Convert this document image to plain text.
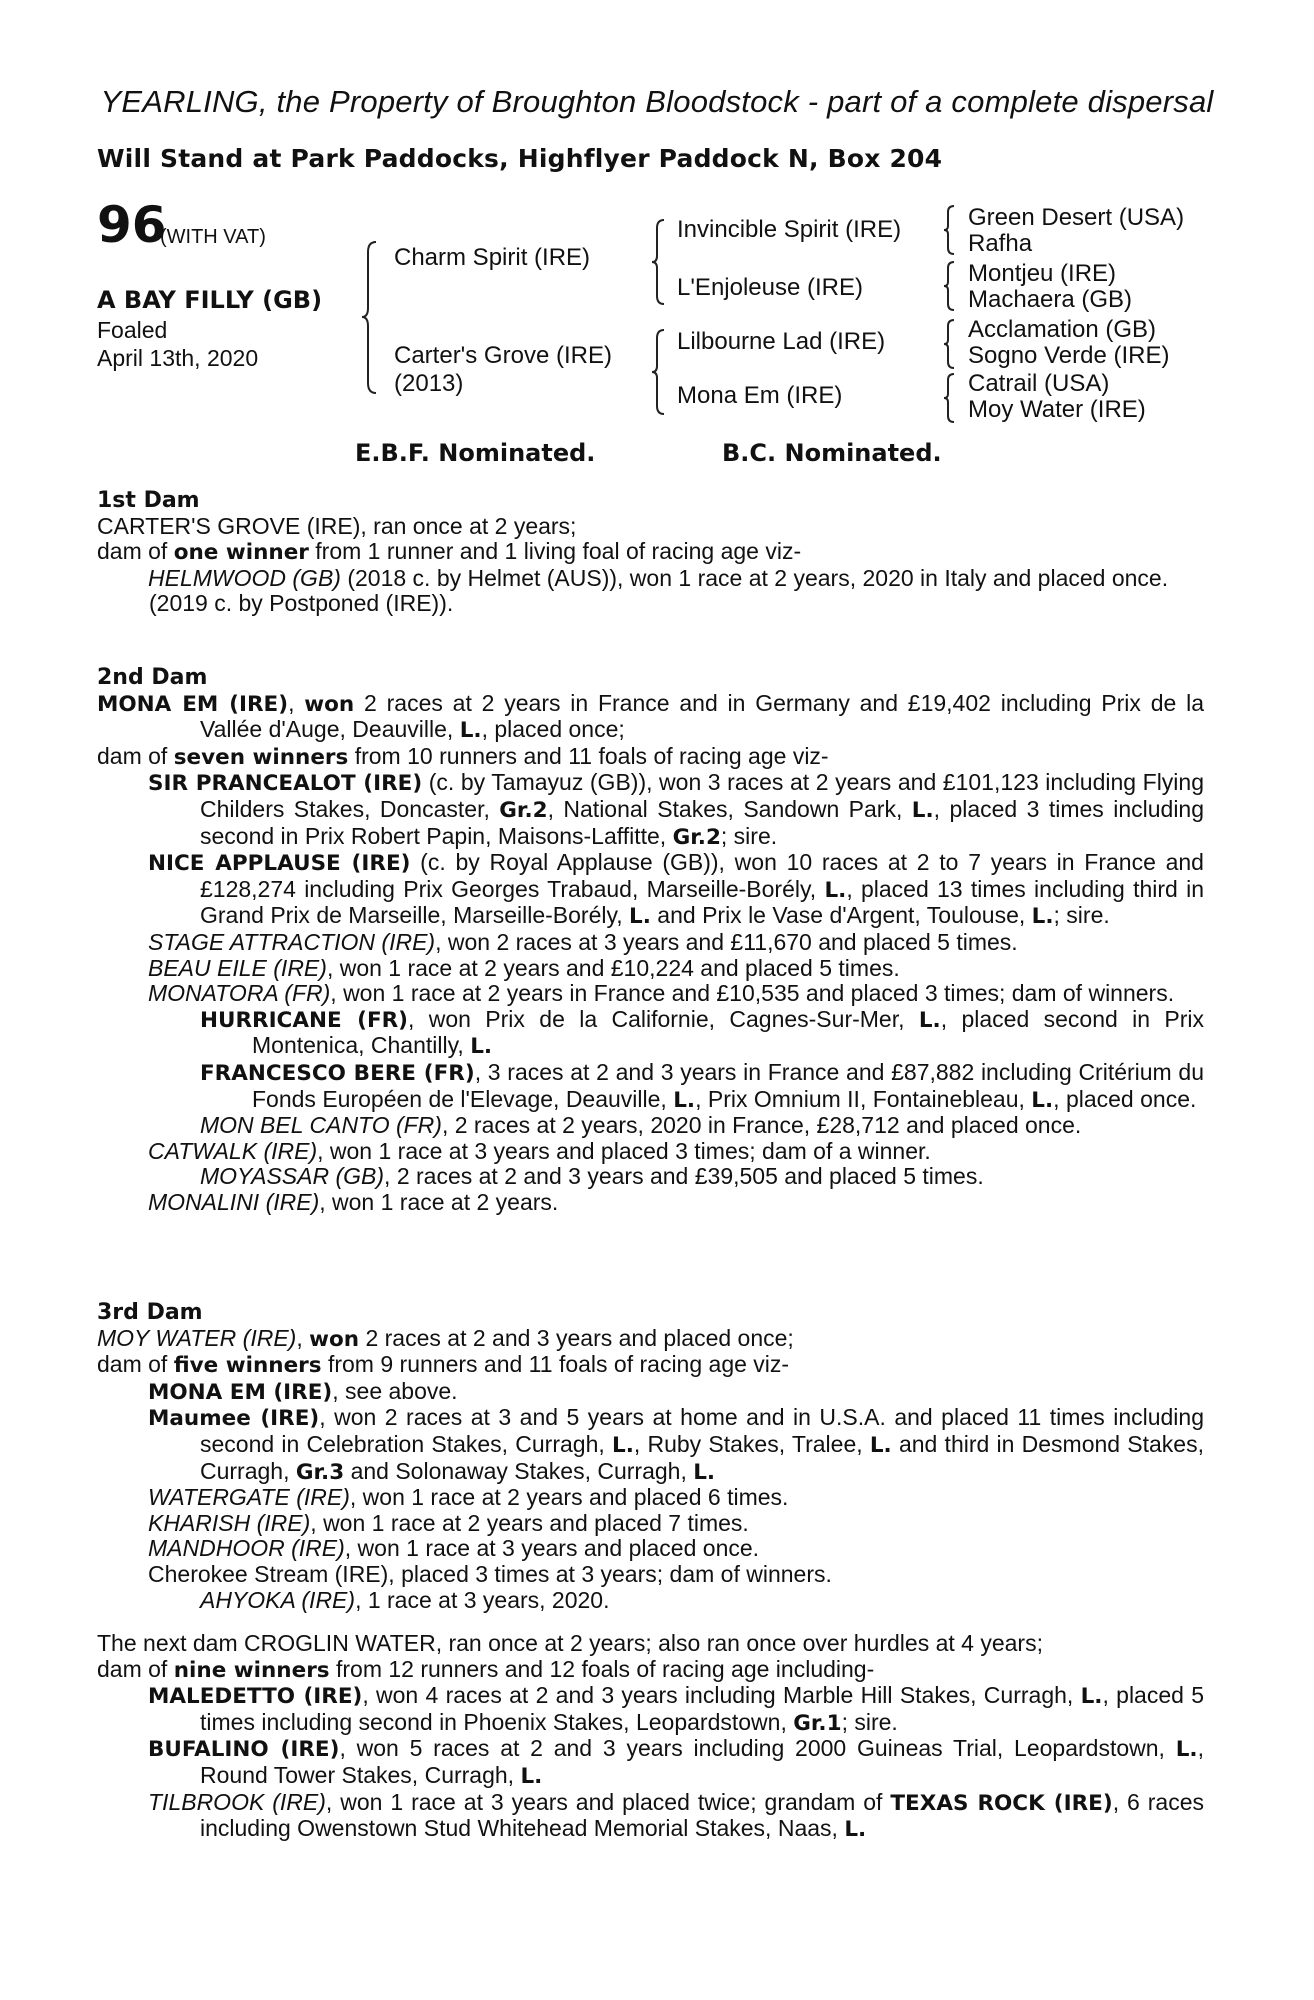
YEARLING, the Property of Broughton Bloodstock - part of a complete dispersal
Will Stand at Park Paddocks, Highflyer Paddock N, Box 204
96
(WITH VAT)
A BAY FILLY (GB)
Foaled
April 13th, 2020
Charm Spirit (IRE)
Carter's Grove (IRE)
(2013)
Invincible Spirit (IRE)
L'Enjoleuse (IRE)
Lilbourne Lad (IRE)
Mona Em (IRE)
Green Desert (USA)
Rafha
Montjeu (IRE)
Machaera (GB)
Acclamation (GB)
Sogno Verde (IRE)
Catrail (USA)
Moy Water (IRE)
E.B.F. Nominated.	B.C. Nominated.
1st Dam
CARTER'S GROVE (IRE), ran once at 2 years;
dam of one winner from 1 runner and 1 living foal of racing age viz-
HELMWOOD (GB) (2018 c. by Helmet (AUS)), won 1 race at 2 years, 2020 in Italy and placed once.
(2019 c. by Postponed (IRE)).
2nd Dam
MONA EM (IRE), won 2 races at 2 years in France and in Germany and £19,402 including Prix de la Vallée d'Auge, Deauville, L., placed once;
dam of seven winners from 10 runners and 11 foals of racing age viz-
SIR PRANCEALOT (IRE) (c. by Tamayuz (GB)), won 3 races at 2 years and £101,123 including Flying Childers Stakes, Doncaster, Gr.2, National Stakes, Sandown Park, L., placed 3 times including second in Prix Robert Papin, Maisons-Laffitte, Gr.2; sire.
NICE APPLAUSE (IRE) (c. by Royal Applause (GB)), won 10 races at 2 to 7 years in France and £128,274 including Prix Georges Trabaud, Marseille-Borély, L., placed 13 times including third in Grand Prix de Marseille, Marseille-Borély, L. and Prix le Vase d'Argent, Toulouse, L.; sire.
STAGE ATTRACTION (IRE), won 2 races at 3 years and £11,670 and placed 5 times.
BEAU EILE (IRE), won 1 race at 2 years and £10,224 and placed 5 times.
MONATORA (FR), won 1 race at 2 years in France and £10,535 and placed 3 times; dam of winners.
HURRICANE (FR), won Prix de la Californie, Cagnes-Sur-Mer, L., placed second in Prix Montenica, Chantilly, L.
FRANCESCO BERE (FR), 3 races at 2 and 3 years in France and £87,882 including Critérium du Fonds Européen de l'Elevage, Deauville, L., Prix Omnium II, Fontainebleau, L., placed once.
MON BEL CANTO (FR), 2 races at 2 years, 2020 in France, £28,712 and placed once.
CATWALK (IRE), won 1 race at 3 years and placed 3 times; dam of a winner.
MOYASSAR (GB), 2 races at 2 and 3 years and £39,505 and placed 5 times.
MONALINI (IRE), won 1 race at 2 years.
3rd Dam
MOY WATER (IRE), won 2 races at 2 and 3 years and placed once;
dam of five winners from 9 runners and 11 foals of racing age viz-
MONA EM (IRE), see above.
Maumee (IRE), won 2 races at 3 and 5 years at home and in U.S.A. and placed 11 times including second in Celebration Stakes, Curragh, L., Ruby Stakes, Tralee, L. and third in Desmond Stakes, Curragh, Gr.3 and Solonaway Stakes, Curragh, L.
WATERGATE (IRE), won 1 race at 2 years and placed 6 times.
KHARISH (IRE), won 1 race at 2 years and placed 7 times.
MANDHOOR (IRE), won 1 race at 3 years and placed once.
Cherokee Stream (IRE), placed 3 times at 3 years; dam of winners.
AHYOKA (IRE), 1 race at 3 years, 2020.
The next dam CROGLIN WATER, ran once at 2 years; also ran once over hurdles at 4 years;
dam of nine winners from 12 runners and 12 foals of racing age including-
MALEDETTO (IRE), won 4 races at 2 and 3 years including Marble Hill Stakes, Curragh, L., placed 5 times including second in Phoenix Stakes, Leopardstown, Gr.1; sire.
BUFALINO (IRE), won 5 races at 2 and 3 years including 2000 Guineas Trial, Leopardstown, L., Round Tower Stakes, Curragh, L.
TILBROOK (IRE), won 1 race at 3 years and placed twice; grandam of TEXAS ROCK (IRE), 6 races including Owenstown Stud Whitehead Memorial Stakes, Naas, L.
